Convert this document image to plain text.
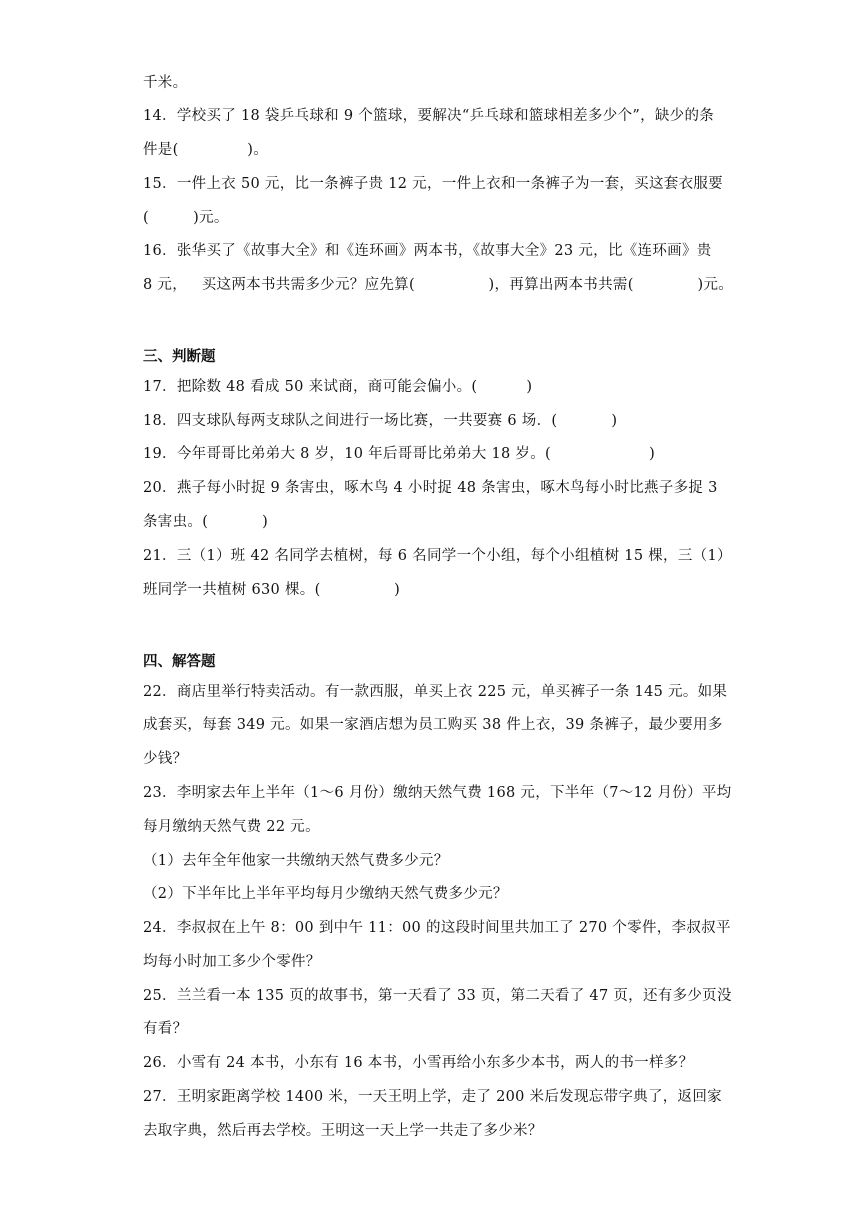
千米。
14．学校买了 18 袋乒乓球和 9 个篮球，要解决“乒乓球和篮球相差多少个”，缺少的条
件是(              )。
15．一件上衣 50 元，比一条裤子贵 12 元，一件上衣和一条裤子为一套，买这套衣服要
(         )元。
16．张华买了《故事大全》和《连环画》两本书，《故事大全》23 元，比《连环画》贵
8 元，   买这两本书共需多少元？应先算(               )，再算出两本书共需(             )元。
三、判断题
17．把除数 48 看成 50 来试商，商可能会偏小。(          )
18．四支球队每两支球队之间进行一场比赛，一共要赛 6 场．(           )
19．今年哥哥比弟弟大 8 岁，10 年后哥哥比弟弟大 18 岁。(                    )
20．燕子每小时捉 9 条害虫，啄木鸟 4 小时捉 48 条害虫，啄木鸟每小时比燕子多捉 3
条害虫。(           )
21．三（1）班 42 名同学去植树，每 6 名同学一个小组，每个小组植树 15 棵，三（1）
班同学一共植树 630 棵。(               )
四、解答题
22．商店里举行特卖活动。有一款西服，单买上衣 225 元，单买裤子一条 145 元。如果
成套买，每套 349 元。如果一家酒店想为员工购买 38 件上衣，39 条裤子，最少要用多
少钱？
23．李明家去年上半年（1～6 月份）缴纳天然气费 168 元，下半年（7～12 月份）平均
每月缴纳天然气费 22 元。
（1）去年全年他家一共缴纳天然气费多少元？
（2）下半年比上半年平均每月少缴纳天然气费多少元？
24．李叔叔在上午 8：00 到中午 11：00 的这段时间里共加工了 270 个零件，李叔叔平
均每小时加工多少个零件？
25．兰兰看一本 135 页的故事书，第一天看了 33 页，第二天看了 47 页，还有多少页没
有看？
26．小雪有 24 本书，小东有 16 本书，小雪再给小东多少本书，两人的书一样多？
27．王明家距离学校 1400 米，一天王明上学，走了 200 米后发现忘带字典了，返回家
去取字典，然后再去学校。王明这一天上学一共走了多少米？
